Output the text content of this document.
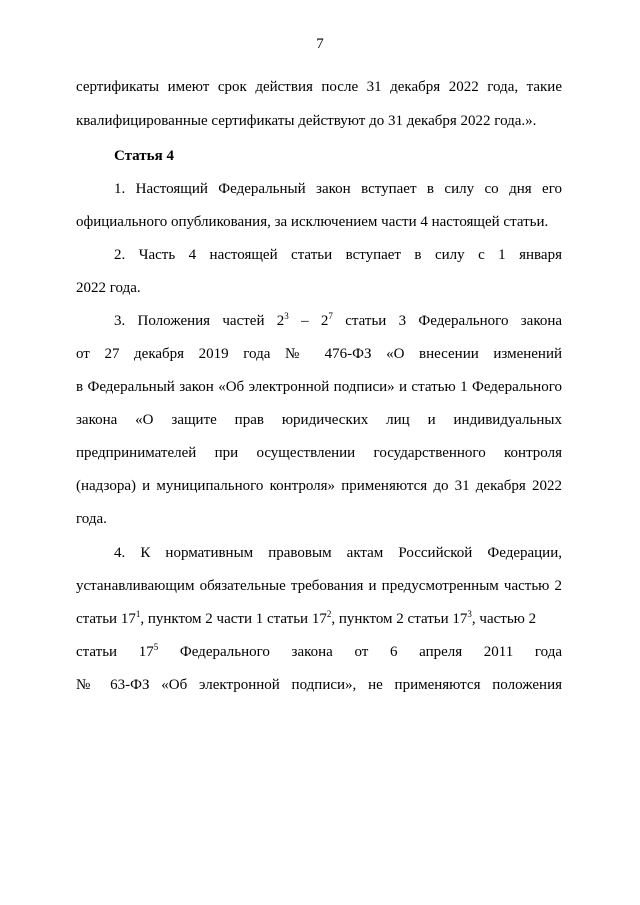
7
сертификаты имеют срок действия после 31 декабря 2022 года, такие
квалифицированные сертификаты действуют до 31 декабря 2022 года.».
Статья 4
1. Настоящий Федеральный закон вступает в силу со дня его
официального опубликования, за исключением части 4 настоящей статьи.
2. Часть 4 настоящей статьи вступает в силу с 1 января
2022 года.
3. Положения частей $2^3 - 2^7$ статьи 3 Федерального закона
от 27 декабря 2019 года № 476-ФЗ «О внесении изменений
в Федеральный закон «Об электронной подписи» и статью 1 Федерального
закона «О защите прав юридических лиц и индивидуальных
предпринимателей при осуществлении государственного контроля
(надзора) и муниципального контроля» применяются до 31 декабря 2022
года.
4. К нормативным правовым актам Российской Федерации,
устанавливающим обязательные требования и предусмотренным частью 2
статьи $17^1$, пунктом 2 части 1 статьи $17^2$, пунктом 2 статьи $17^3$, частью 2
статьи $17^5$ Федерального закона от 6 апреля 2011 года
№ 63-ФЗ «Об электронной подписи», не применяются положения
